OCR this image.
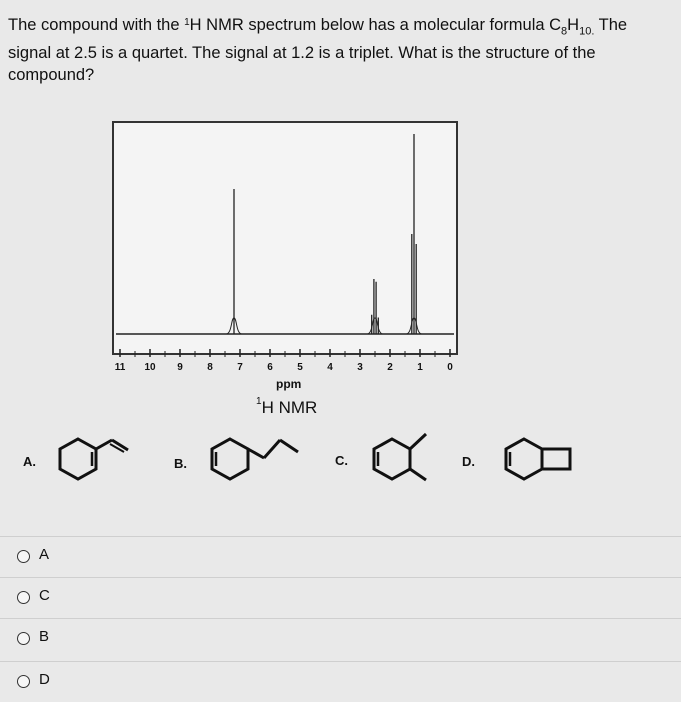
The compound with the $^1$H NMR spectrum below has a molecular formula $C_8H_{10.}$ The signal at 2.5 is a quartet. The signal at 1.2 is a triplet. What is the structure of the compound?

11 10	9	8	7	6	5	4	3	2	1	0
ppm
$^1$H NMR
A.	B.	C.	D.
A
C
B
D
